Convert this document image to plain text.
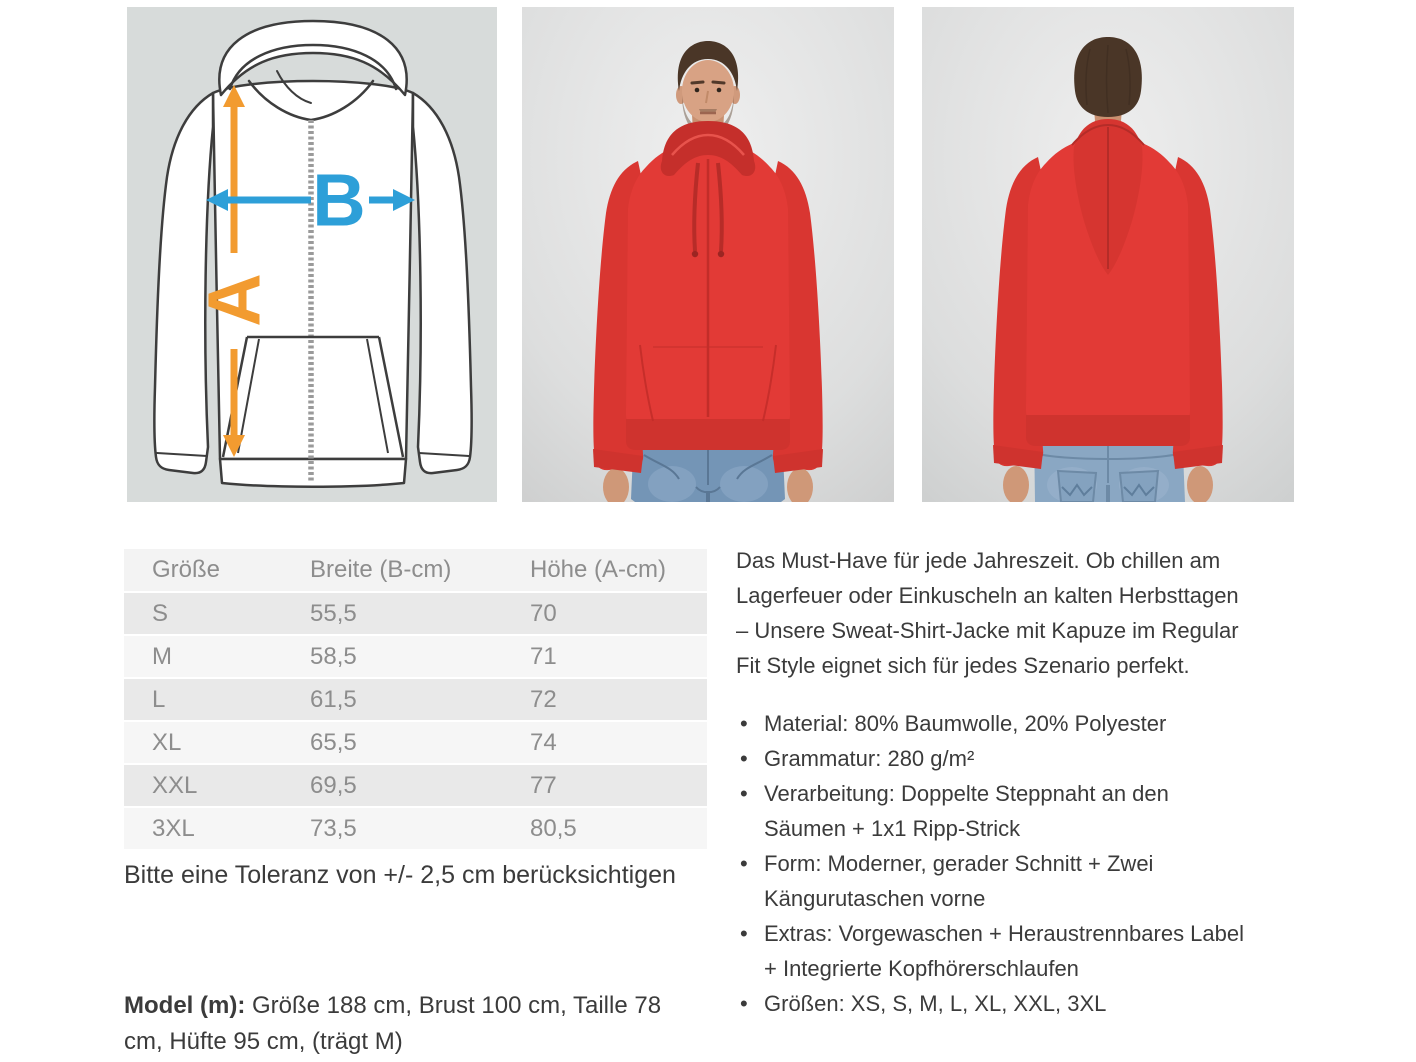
A
B
Größe	Breite (B-cm)	Höhe (A-cm)
S	55,5	70
M	58,5	71
L	61,5	72
XL	65,5	74
XXL	69,5	77
3XL	73,5	80,5
Bitte eine Toleranz von +/- 2,5 cm berücksichtigen
Model (m): Größe 188 cm, Brust 100 cm, Taille 78 cm, Hüfte 95 cm, (trägt M)

Das Must-Have für jede Jahreszeit. Ob chillen am Lagerfeuer oder Einkuscheln an kalten Herbsttagen – Unsere Sweat-Shirt-Jacke mit Kapuze im Regular Fit Style eignet sich für jedes Szenario perfekt.

• Material: 80% Baumwolle, 20% Polyester
• Grammatur: 280 g/m²
• Verarbeitung: Doppelte Steppnaht an den Säumen + 1x1 Ripp-Strick
• Form: Moderner, gerader Schnitt + Zwei Kängurutaschen vorne
• Extras: Vorgewaschen + Heraustrennbares Label + Integrierte Kopfhörerschlaufen
• Größen: XS, S, M, L, XL, XXL, 3XL
